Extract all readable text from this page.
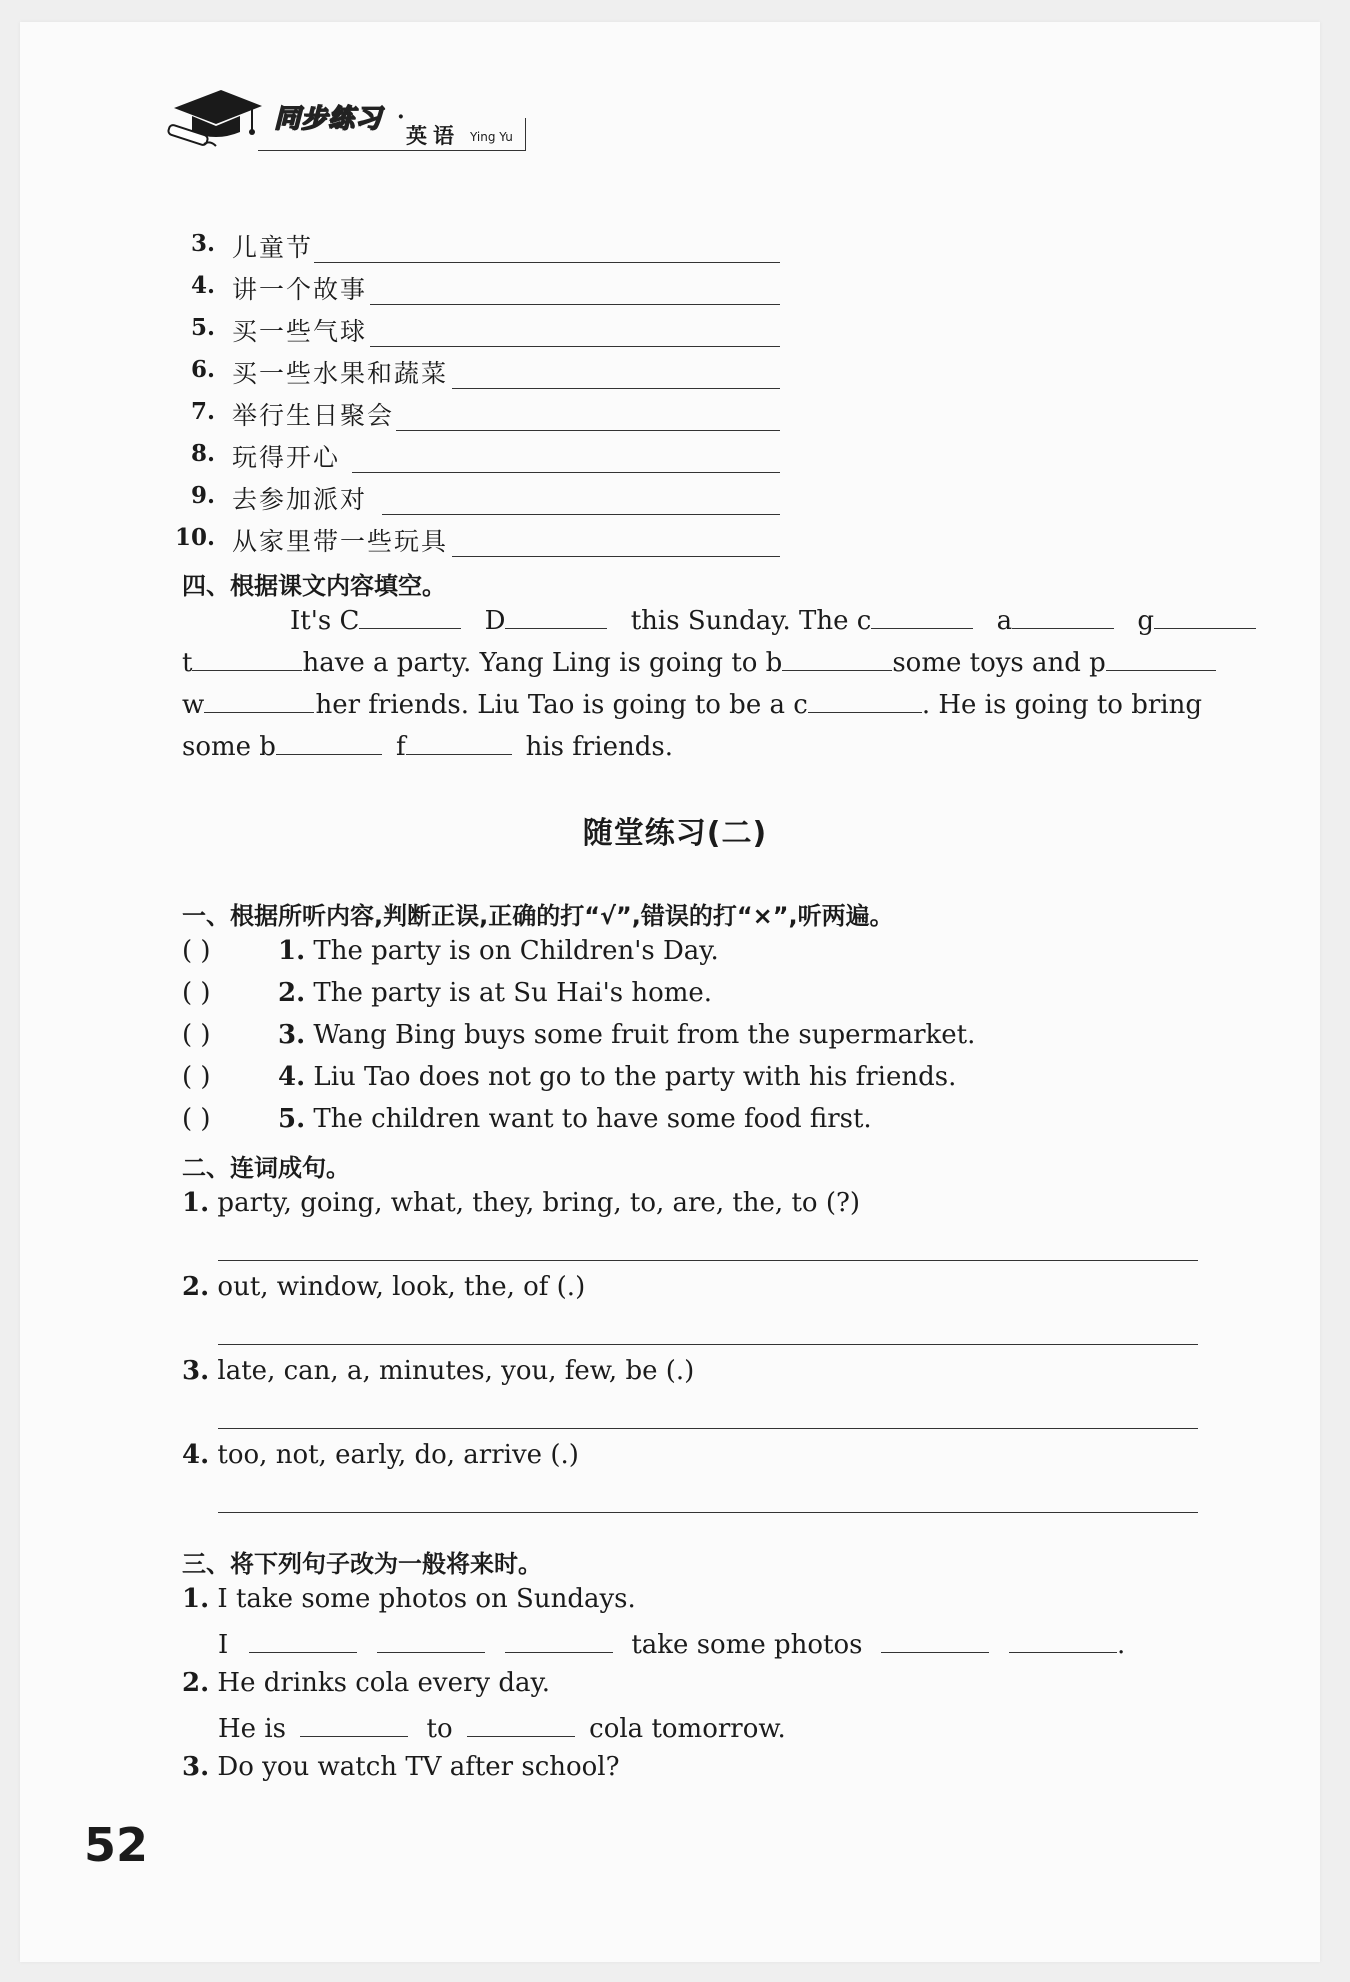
同步练习 ·
英语 Ying Yu
3. 儿童节
4. 讲一个故事
5. 买一些气球
6. 买一些水果和蔬菜
7. 举行生日聚会
8. 玩得开心
9. 去参加派对
10. 从家里带一些玩具
四、根据课文内容填空。
It's C	D	this Sunday. The c	a	g
t	have a party. Yang Ling is going to b	some toys and p
w	her friends. Liu Tao is going to be a c	. He is going to bring
some b	f	his friends.
随堂练习(二)
一、根据所听内容,判断正误,正确的打“√”,错误的打“×”,听两遍。
( )	1. The party is on Children's Day.
( )	2. The party is at Su Hai's home.
( )	3. Wang Bing buys some fruit from the supermarket.
( )	4. Liu Tao does not go to the party with his friends.
( )	5. The children want to have some food first.
二、连词成句。
1. party, going, what, they, bring, to, are, the, to (?)
2. out, window, look, the, of (.)
3. late, can, a, minutes, you, few, be (.)
4. too, not, early, do, arrive (.)
三、将下列句子改为一般将来时。
1. I take some photos on Sundays.
I	take some photos	.
2. He drinks cola every day.
He is	to	cola tomorrow.
3. Do you watch TV after school?
52
